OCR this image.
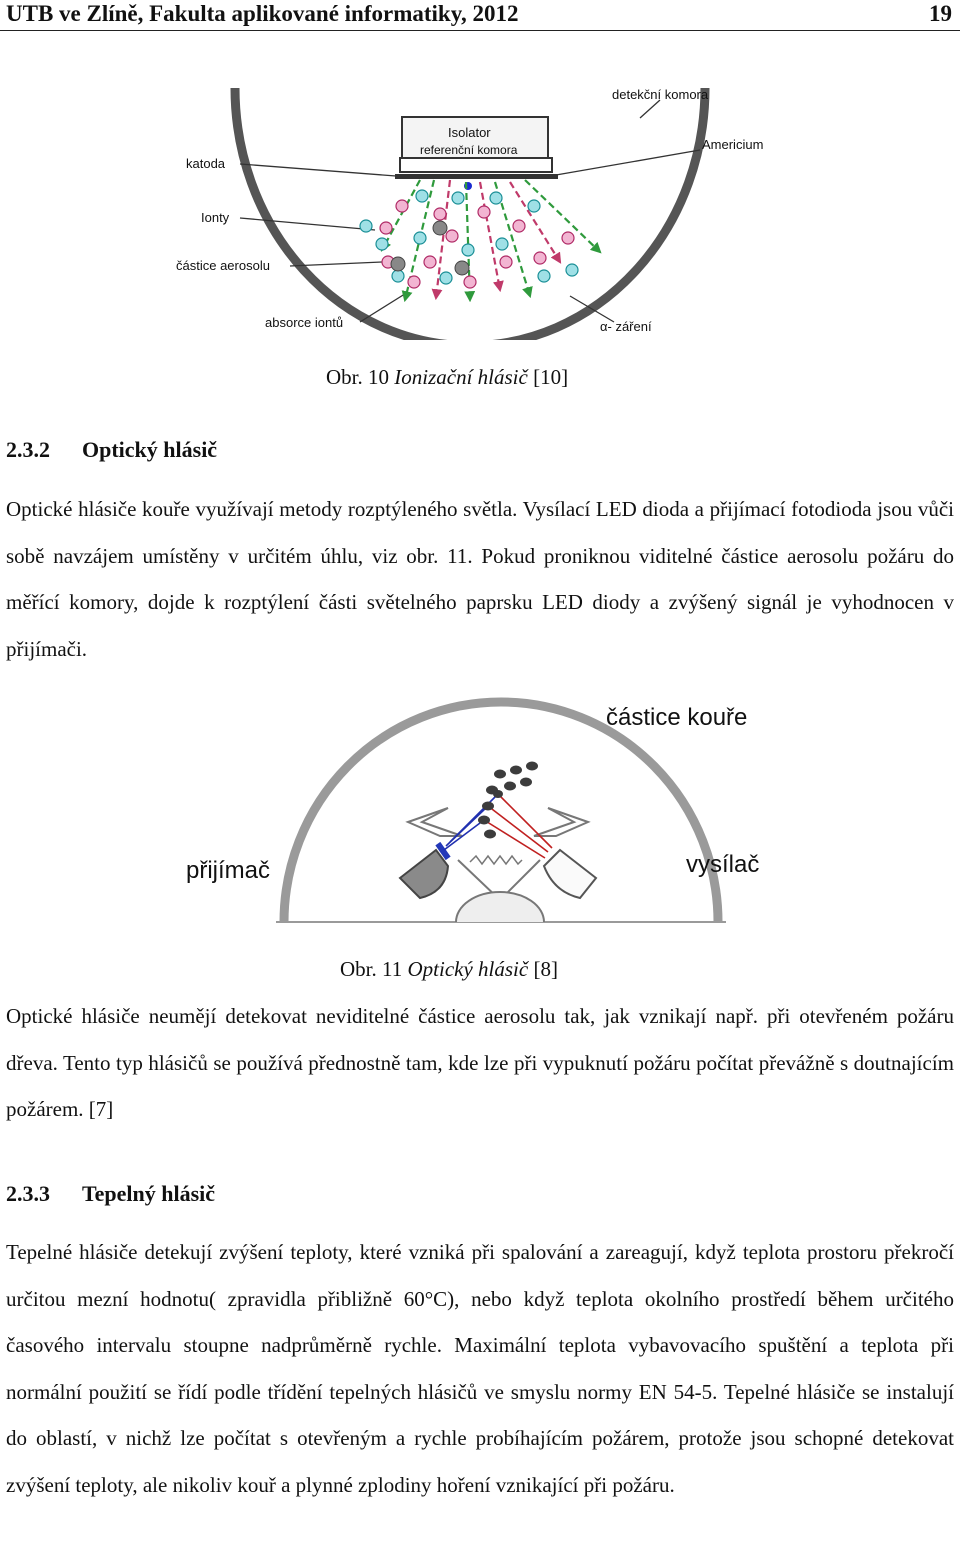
UTB ve Zlíně, Fakulta aplikované informatiky, 2012	19
detekční komora
Isolator
referenční komora	Americium
katoda
Ionty
částice aerosolu
absorce iontů	α- záření
Obr. 10 Ionizační hlásič [10]
2.3.2 Optický hlásič
Optické hlásiče kouře využívají metody rozptýleného světla. Vysílací LED dioda a přijímací fotodioda jsou vůči sobě navzájem umístěny v určitém úhlu, viz obr. 11. Pokud proniknou viditelné částice aerosolu požáru do měřící komory, dojde k rozptýlení části světelného paprsku LED diody a zvýšený signál je vyhodnocen v přijímači.
částice kouře
přijímač	vysílač
Obr. 11 Optický hlásič [8]
Optické hlásiče neumějí detekovat neviditelné částice aerosolu tak, jak vznikají např. při otevřeném požáru dřeva. Tento typ hlásičů se používá přednostně tam, kde lze při vypuknutí požáru počítat převážně s doutnajícím požárem. [7]
2.3.3 Tepelný hlásič
Tepelné hlásiče detekují zvýšení teploty, které vzniká při spalování a zareagují, když teplota prostoru překročí určitou mezní hodnotu( zpravidla přibližně 60°C), nebo když teplota okolního prostředí během určitého časového intervalu stoupne nadprůměrně rychle. Maximální teplota vybavovacího spuštění a teplota při normální použití se řídí podle třídění tepelných hlásičů ve smyslu normy EN 54-5. Tepelné hlásiče se instalují do oblastí, v nichž lze počítat s otevřeným a rychle probíhajícím požárem, protože jsou schopné detekovat zvýšení teploty, ale nikoliv kouř a plynné zplodiny hoření vznikající při požáru.
